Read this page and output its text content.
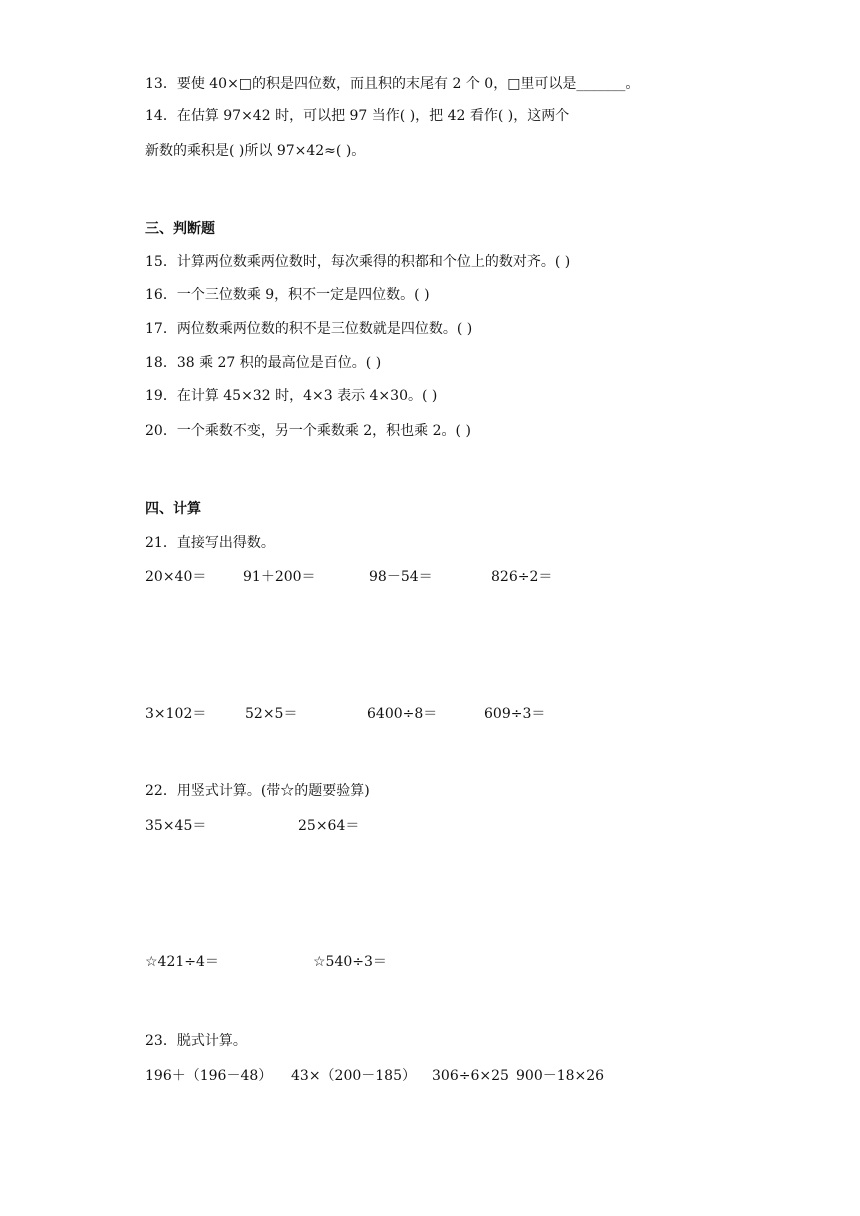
13．要使 40×□的积是四位数，而且积的末尾有 2 个 0，□里可以是_______。
14．在估算 97×42 时，可以把 97 当作( )，把 42 看作( )，这两个
新数的乘积是( )所以 97×42≈( )。
三、判断题
15．计算两位数乘两位数时，每次乘得的积都和个位上的数对齐。( )
16．一个三位数乘 9，积不一定是四位数。( )
17．两位数乘两位数的积不是三位数就是四位数。( )
18．38 乘 27 积的最高位是百位。( )
19．在计算 45×32 时，4×3 表示 4×30。( )
20．一个乘数不变，另一个乘数乘 2，积也乘 2。( )
四、计算
21．直接写出得数。
20×40＝	91＋200＝	98－54＝	826÷2＝
3×102＝	52×5＝	6400÷8＝	609÷3＝
22．用竖式计算。(带☆的题要验算)
35×45＝	25×64＝
☆421÷4＝	☆540÷3＝
23．脱式计算。
196＋（196－48） 43×（200－185） 306÷6×25 900－18×26
